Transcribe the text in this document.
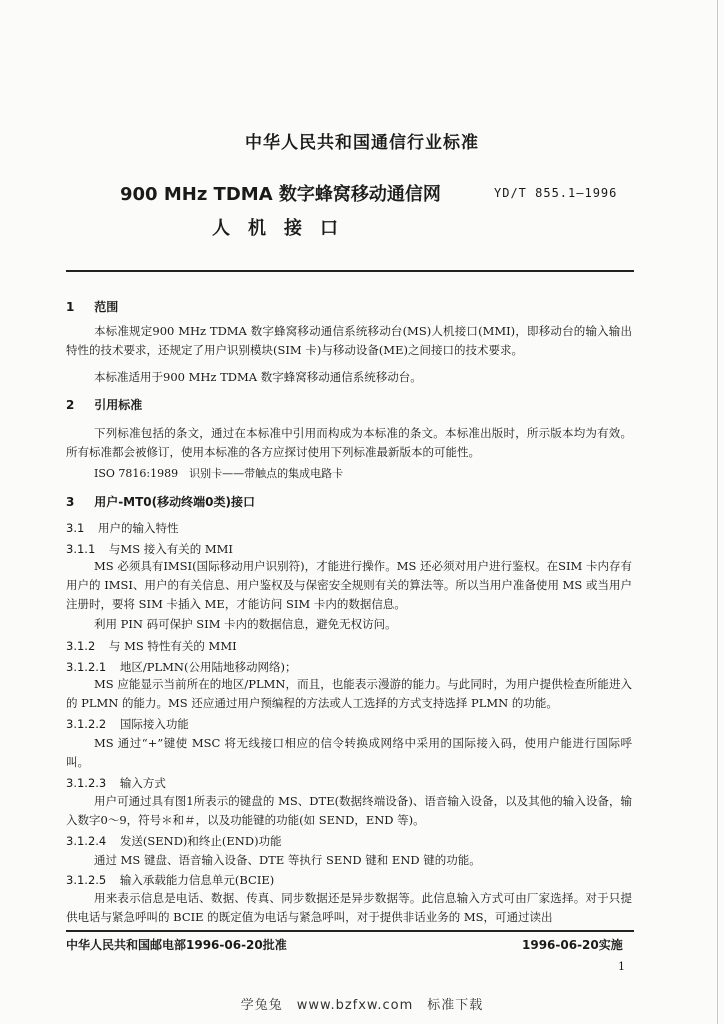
中华人民共和国通信行业标准
900 MHz TDMA 数字蜂窝移动通信网	YD/T 855.1—1996
人机接口
1 范围
本标准规定900 MHz TDMA 数字蜂窝移动通信系统移动台(MS)人机接口(MMI)，即移动台的输入输出特性的技术要求，还规定了用户识别模块(SIM 卡)与移动设备(ME)之间接口的技术要求。
本标准适用于900 MHz TDMA 数字蜂窝移动通信系统移动台。
2 引用标准
下列标准包括的条文，通过在本标准中引用而构成为本标准的条文。本标准出版时，所示版本均为有效。所有标准都会被修订，使用本标准的各方应探讨使用下列标准最新版本的可能性。
ISO 7816:1989　识别卡——带触点的集成电路卡
3 用户-MT0(移动终端0类)接口
3.1 用户的输入特性
3.1.1 与MS 接入有关的 MMI
MS 必须具有IMSI(国际移动用户识别符)，才能进行操作。MS 还必须对用户进行鉴权。在SIM 卡内存有用户的 IMSI、用户的有关信息、用户鉴权及与保密安全规则有关的算法等。所以当用户准备使用 MS 或当用户注册时，要将 SIM 卡插入 ME，才能访问 SIM 卡内的数据信息。
利用 PIN 码可保护 SIM 卡内的数据信息，避免无权访问。
3.1.2 与 MS 特性有关的 MMI
3.1.2.1 地区/PLMN(公用陆地移动网络)；
MS 应能显示当前所在的地区/PLMN，而且，也能表示漫游的能力。与此同时，为用户提供检查所能进入的 PLMN 的能力。MS 还应通过用户预编程的方法或人工选择的方式支持选择 PLMN 的功能。
3.1.2.2 国际接入功能
MS 通过“+”键使 MSC 将无线接口相应的信令转换成网络中采用的国际接入码，使用户能进行国际呼叫。
3.1.2.3 输入方式
用户可通过具有图1所表示的键盘的 MS、DTE(数据终端设备)、语音输入设备，以及其他的输入设备，输入数字0～9，符号＊和＃，以及功能键的功能(如 SEND，END 等)。
3.1.2.4 发送(SEND)和终止(END)功能
通过 MS 键盘、语音输入设备、DTE 等执行 SEND 键和 END 键的功能。
3.1.2.5 输入承载能力信息单元(BCIE)
用来表示信息是电话、数据、传真、同步数据还是异步数据等。此信息输入方式可由厂家选择。对于只提供电话与紧急呼叫的 BCIE 的既定值为电话与紧急呼叫，对于提供非话业务的 MS，可通过读出
中华人民共和国邮电部1996-06-20批准	1996-06-20实施
1
学兔兔　www.bzfxw.com　标准下载
